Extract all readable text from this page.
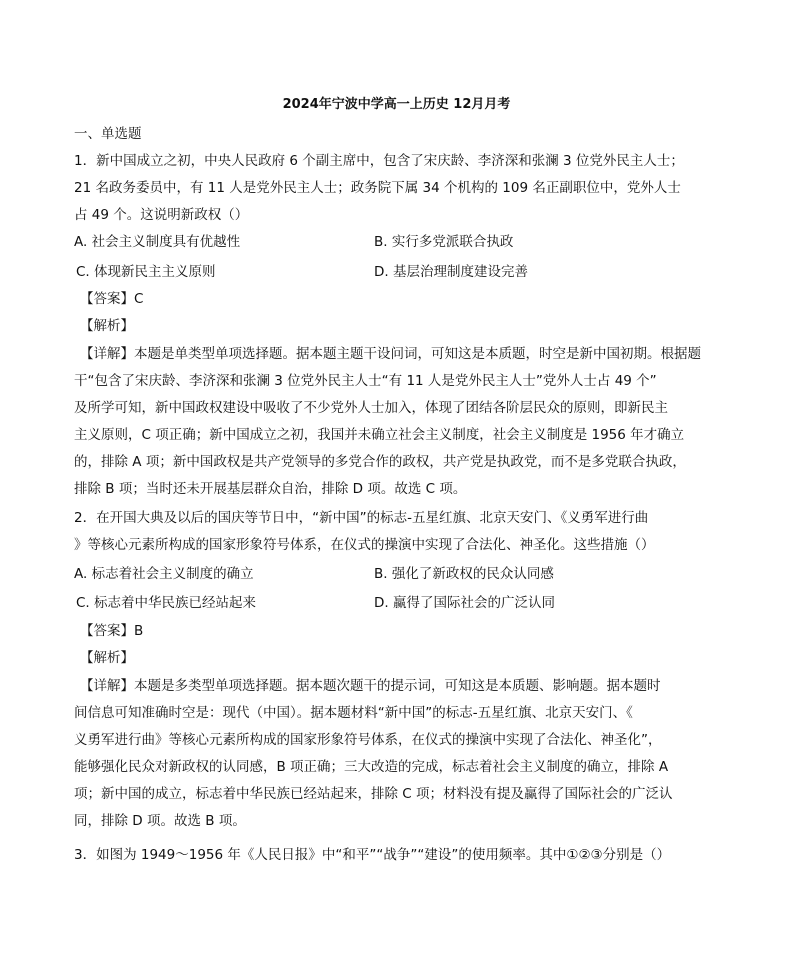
2024年宁波中学高一上历史 12月月考
一、单选题
1．新中国成立之初，中央人民政府 6 个副主席中，包含了宋庆龄、李济深和张澜 3 位党外民主人士；
21 名政务委员中，有 11 人是党外民主人士；政务院下属 34 个机构的 109 名正副职位中，党外人士
占 49 个。这说明新政权（）
A. 社会主义制度具有优越性	B. 实行多党派联合执政
C. 体现新民主主义原则	D. 基层治理制度建设完善
【答案】C
【解析】
【详解】本题是单类型单项选择题。据本题主题干设问词，可知这是本质题，时空是新中国初期。根据题
干“包含了宋庆龄、李济深和张澜 3 位党外民主人士“有 11 人是党外民主人士”党外人士占 49 个”
及所学可知，新中国政权建设中吸收了不少党外人士加入，体现了团结各阶层民众的原则，即新民主
主义原则，C 项正确；新中国成立之初，我国并未确立社会主义制度，社会主义制度是 1956 年才确立
的，排除 A 项；新中国政权是共产党领导的多党合作的政权，共产党是执政党，而不是多党联合执政，
排除 B 项；当时还未开展基层群众自治，排除 D 项。故选 C 项。
2．在开国大典及以后的国庆等节日中，“新中国”的标志-五星红旗、北京天安门、《义勇军进行曲
》等核心元素所构成的国家形象符号体系，在仪式的操演中实现了合法化、神圣化。这些措施（）
A. 标志着社会主义制度的确立	B. 强化了新政权的民众认同感
C. 标志着中华民族已经站起来	D. 赢得了国际社会的广泛认同
【答案】B
【解析】
【详解】本题是多类型单项选择题。据本题次题干的提示词，可知这是本质题、影响题。据本题时
间信息可知准确时空是：现代（中国）。据本题材料“新中国”的标志-五星红旗、北京天安门、《
义勇军进行曲》等核心元素所构成的国家形象符号体系，在仪式的操演中实现了合法化、神圣化”，
能够强化民众对新政权的认同感，B 项正确；三大改造的完成，标志着社会主义制度的确立，排除 A
项；新中国的成立，标志着中华民族已经站起来，排除 C 项；材料没有提及赢得了国际社会的广泛认
同，排除 D 项。故选 B 项。
3．如图为 1949～1956 年《人民日报》中“和平”“战争”“建设”的使用频率。其中①②③分别是（）
